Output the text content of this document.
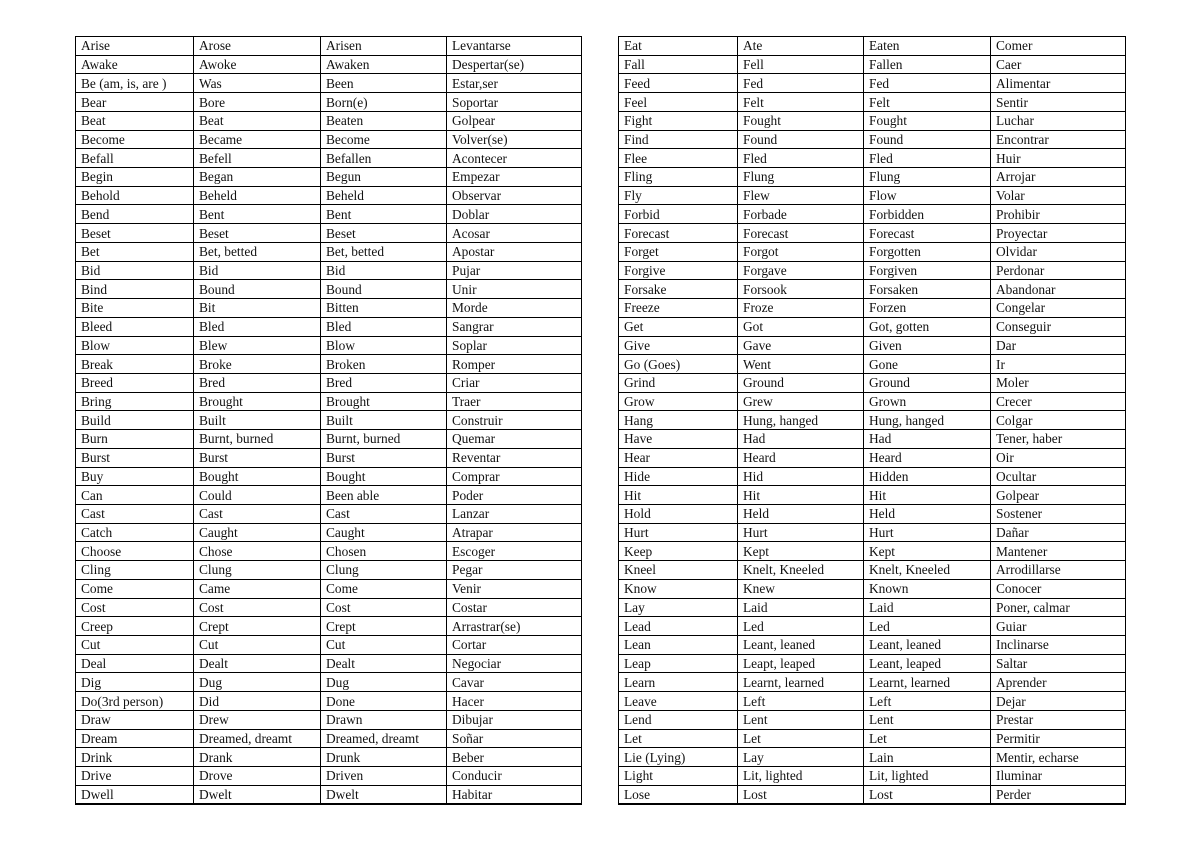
Arise	Arose	Arisen	Levantarse
Awake	Awoke	Awaken	Despertar(se)
Be (am, is, are )	Was	Been	Estar,ser
Bear	Bore	Born(e)	Soportar
Beat	Beat	Beaten	Golpear
Become	Became	Become	Volver(se)
Befall	Befell	Befallen	Acontecer
Begin	Began	Begun	Empezar
Behold	Beheld	Beheld	Observar
Bend	Bent	Bent	Doblar
Beset	Beset	Beset	Acosar
Bet	Bet, betted	Bet, betted	Apostar
Bid	Bid	Bid	Pujar
Bind	Bound	Bound	Unir
Bite	Bit	Bitten	Morde
Bleed	Bled	Bled	Sangrar
Blow	Blew	Blow	Soplar
Break	Broke	Broken	Romper
Breed	Bred	Bred	Criar
Bring	Brought	Brought	Traer
Build	Built	Built	Construir
Burn	Burnt, burned	Burnt, burned	Quemar
Burst	Burst	Burst	Reventar
Buy	Bought	Bought	Comprar
Can	Could	Been able	Poder
Cast	Cast	Cast	Lanzar
Catch	Caught	Caught	Atrapar
Choose	Chose	Chosen	Escoger
Cling	Clung	Clung	Pegar
Come	Came	Come	Venir
Cost	Cost	Cost	Costar
Creep	Crept	Crept	Arrastrar(se)
Cut	Cut	Cut	Cortar
Deal	Dealt	Dealt	Negociar
Dig	Dug	Dug	Cavar
Do(3rd person)	Did	Done	Hacer
Draw	Drew	Drawn	Dibujar
Dream	Dreamed, dreamt	Dreamed, dreamt	Soñar
Drink	Drank	Drunk	Beber
Drive	Drove	Driven	Conducir
Dwell	Dwelt	Dwelt	Habitar
Eat	Ate	Eaten	Comer
Fall	Fell	Fallen	Caer
Feed	Fed	Fed	Alimentar
Feel	Felt	Felt	Sentir
Fight	Fought	Fought	Luchar
Find	Found	Found	Encontrar
Flee	Fled	Fled	Huir
Fling	Flung	Flung	Arrojar
Fly	Flew	Flow	Volar
Forbid	Forbade	Forbidden	Prohibir
Forecast	Forecast	Forecast	Proyectar
Forget	Forgot	Forgotten	Olvidar
Forgive	Forgave	Forgiven	Perdonar
Forsake	Forsook	Forsaken	Abandonar
Freeze	Froze	Forzen	Congelar
Get	Got	Got, gotten	Conseguir
Give	Gave	Given	Dar
Go (Goes)	Went	Gone	Ir
Grind	Ground	Ground	Moler
Grow	Grew	Grown	Crecer
Hang	Hung, hanged	Hung, hanged	Colgar
Have	Had	Had	Tener, haber
Hear	Heard	Heard	Oir
Hide	Hid	Hidden	Ocultar
Hit	Hit	Hit	Golpear
Hold	Held	Held	Sostener
Hurt	Hurt	Hurt	Dañar
Keep	Kept	Kept	Mantener
Kneel	Knelt, Kneeled	Knelt, Kneeled	Arrodillarse
Know	Knew	Known	Conocer
Lay	Laid	Laid	Poner, calmar
Lead	Led	Led	Guiar
Lean	Leant, leaned	Leant, leaned	Inclinarse
Leap	Leapt, leaped	Leant, leaped	Saltar
Learn	Learnt, learned	Learnt, learned	Aprender
Leave	Left	Left	Dejar
Lend	Lent	Lent	Prestar
Let	Let	Let	Permitir
Lie (Lying)	Lay	Lain	Mentir, echarse
Light	Lit, lighted	Lit, lighted	Iluminar
Lose	Lost	Lost	Perder
